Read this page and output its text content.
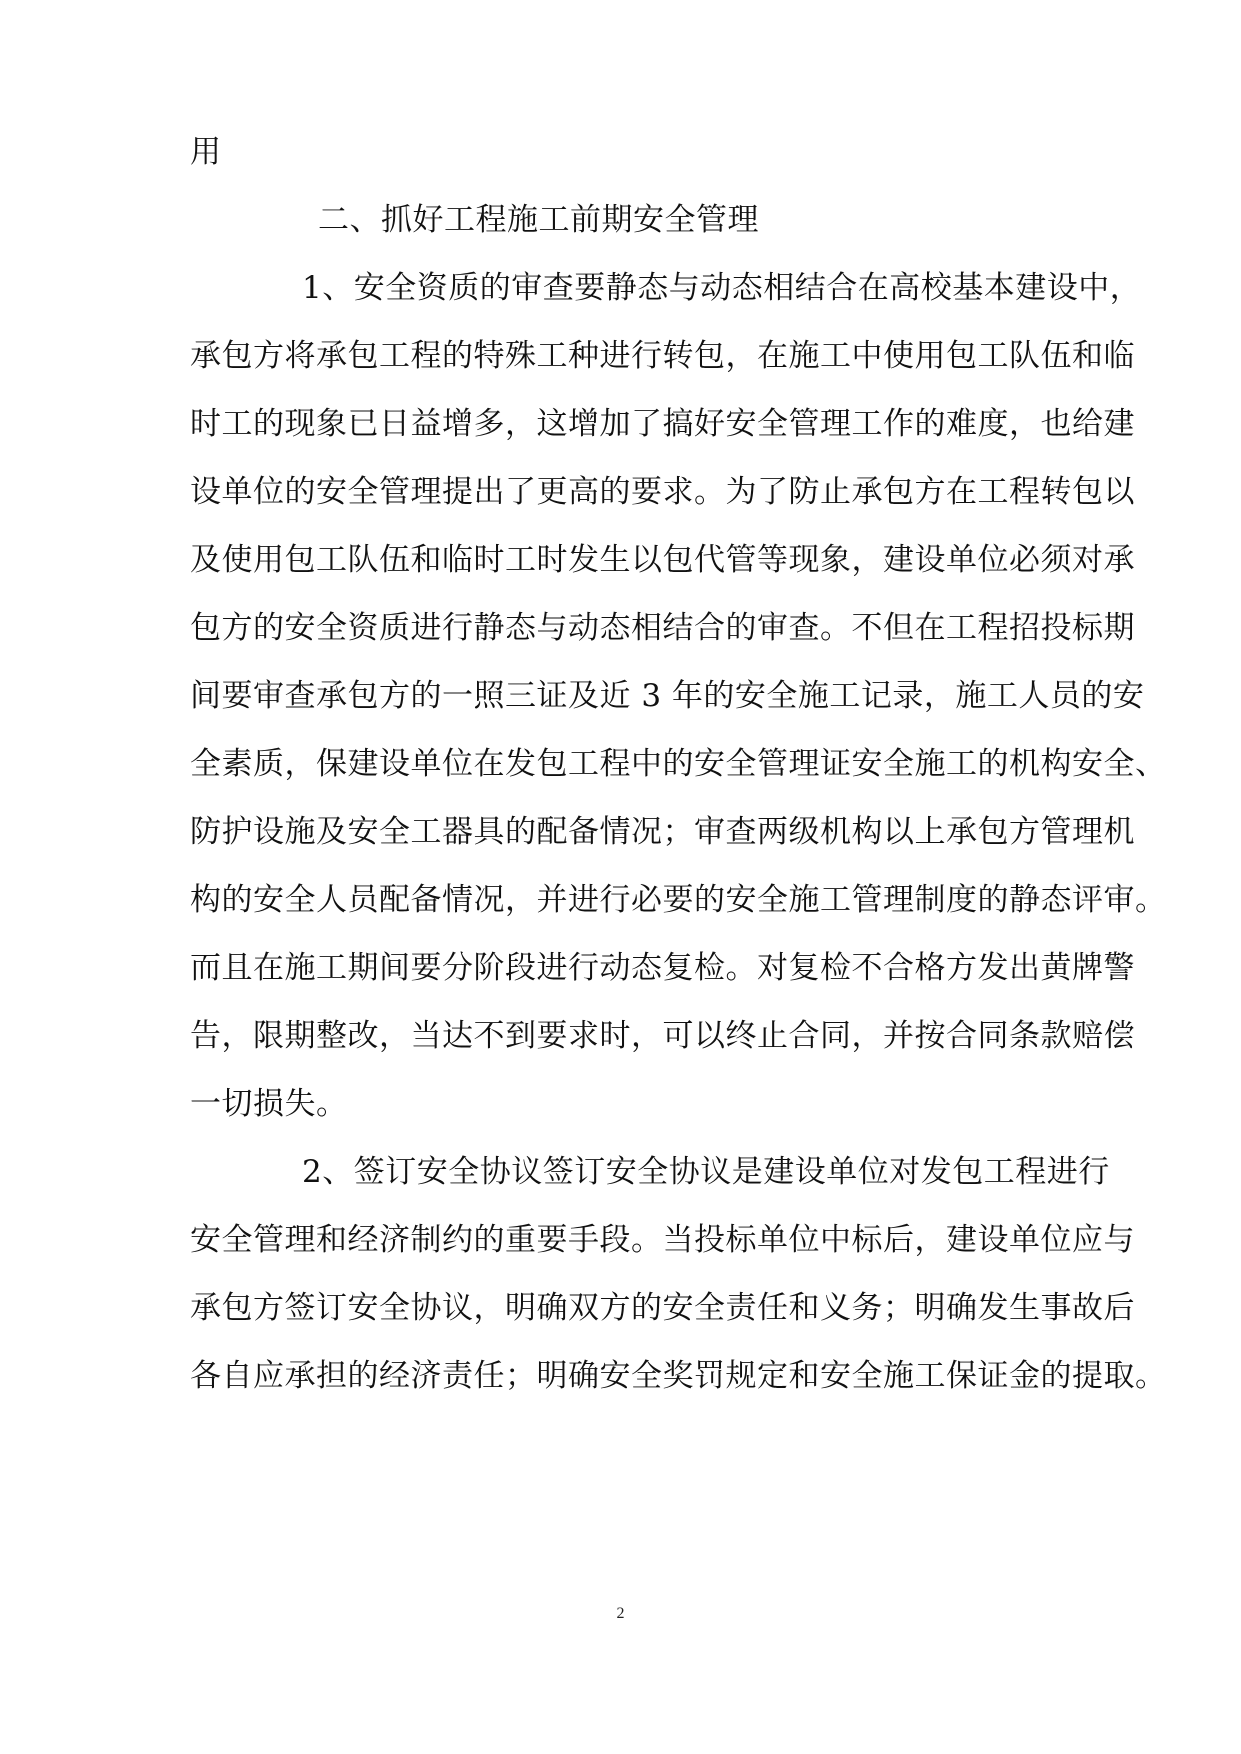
用
二、抓好工程施工前期安全管理
1、安全资质的审查要静态与动态相结合在高校基本建设中，
承包方将承包工程的特殊工种进行转包，在施工中使用包工队伍和临
时工的现象已日益增多，这增加了搞好安全管理工作的难度，也给建
设单位的安全管理提出了更高的要求。为了防止承包方在工程转包以
及使用包工队伍和临时工时发生以包代管等现象，建设单位必须对承
包方的安全资质进行静态与动态相结合的审查。不但在工程招投标期
间要审查承包方的一照三证及近 3 年的安全施工记录，施工人员的安
全素质，保建设单位在发包工程中的安全管理证安全施工的机构安全、
防护设施及安全工器具的配备情况；审查两级机构以上承包方管理机
构的安全人员配备情况，并进行必要的安全施工管理制度的静态评审。
而且在施工期间要分阶段进行动态复检。对复检不合格方发出黄牌警
告，限期整改，当达不到要求时，可以终止合同，并按合同条款赔偿
一切损失。
2、签订安全协议签订安全协议是建设单位对发包工程进行
安全管理和经济制约的重要手段。当投标单位中标后，建设单位应与
承包方签订安全协议，明确双方的安全责任和义务；明确发生事故后
各自应承担的经济责任；明确安全奖罚规定和安全施工保证金的提取。
2
